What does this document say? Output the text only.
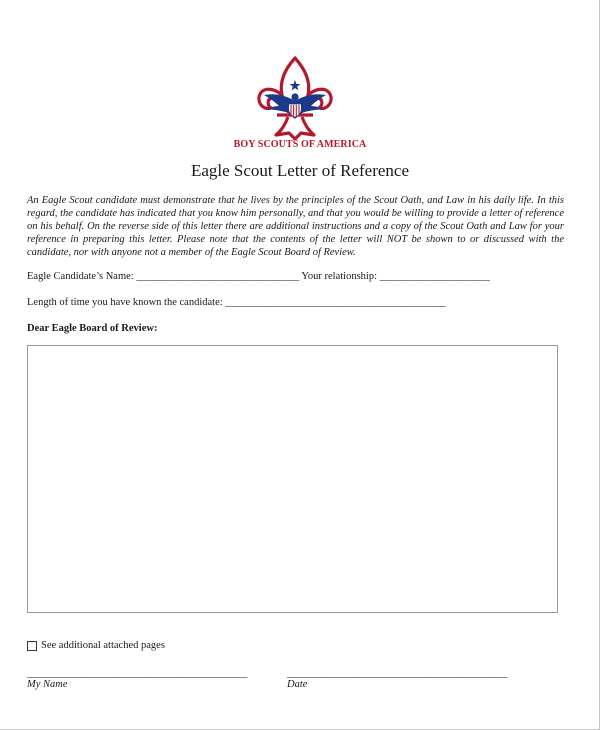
BOY SCOUTS OF AMERICA
Eagle Scout Letter of Reference
An Eagle Scout candidate must demonstrate that he lives by the principles of the Scout Oath, and Law in his daily life. In this regard, the candidate has indicated that you know him personally, and that you would be willing to provide a letter of reference on his behalf. On the reverse side of this letter there are additional instructions and a copy of the Scout Oath and Law for your reference in preparing this letter. Please note that the contents of the letter will NOT be shown to or discussed with the candidate, nor with anyone not a member of the Eagle Scout Board of Review.
Eagle Candidate’s Name: _______________________________ Your relationship: _____________________
Length of time you have known the candidate: __________________________________________
Dear Eagle Board of Review:
See additional attached pages
__________________________________________
My Name
__________________________________________
Date
